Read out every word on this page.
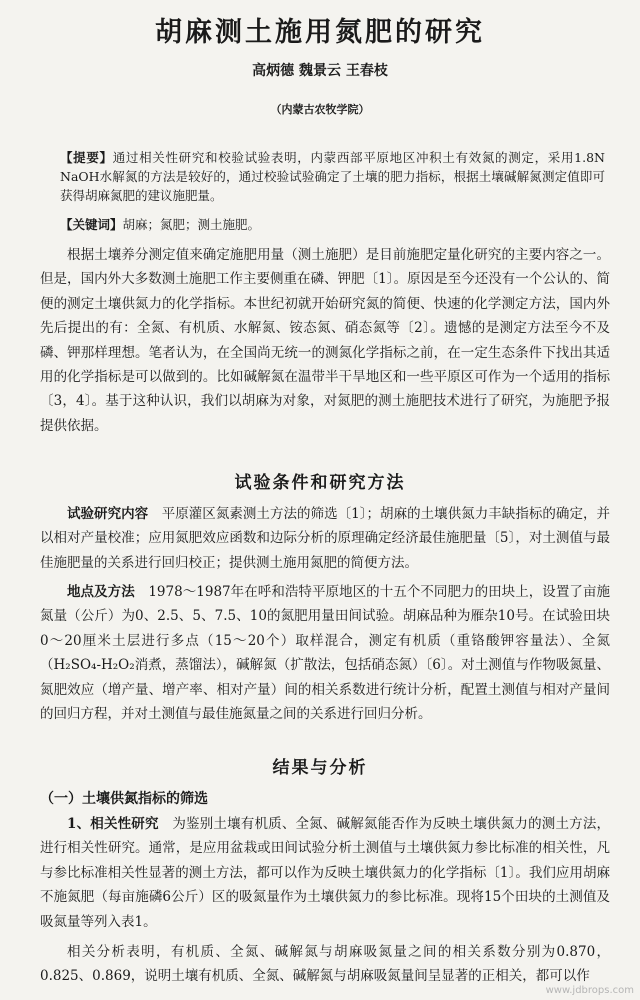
胡麻测土施用氮肥的研究
高炳德 魏景云 王春枝
（内蒙古农牧学院）
【提要】通过相关性研究和校验试验表明，内蒙西部平原地区冲积土有效氮的测定，采用1.8N NaOH水解氮的方法是较好的，通过校验试验确定了土壤的肥力指标，根据土壤碱解氮测定值即可获得胡麻氮肥的建议施肥量。
【关键词】胡麻；氮肥；测土施肥。
根据土壤养分测定值来确定施肥用量（测土施肥）是目前施肥定量化研究的主要内容之一。但是，国内外大多数测土施肥工作主要侧重在磷、钾肥〔1〕。原因是至今还没有一个公认的、简便的测定土壤供氮力的化学指标。本世纪初就开始研究氮的简便、快速的化学测定方法，国内外先后提出的有：全氮、有机质、水解氮、铵态氮、硝态氮等〔2〕。遗憾的是测定方法至今不及磷、钾那样理想。笔者认为，在全国尚无统一的测氮化学指标之前，在一定生态条件下找出其适用的化学指标是可以做到的。比如碱解氮在温带半干旱地区和一些平原区可作为一个适用的指标〔3，4〕。基于这种认识，我们以胡麻为对象，对氮肥的测土施肥技术进行了研究，为施肥予报提供依据。
试验条件和研究方法
试验研究内容　 平原灌区氮素测土方法的筛选〔1〕；胡麻的土壤供氮力丰缺指标的确定，并以相对产量校准；应用氮肥效应函数和边际分析的原理确定经济最佳施肥量〔5〕，对土测值与最佳施肥量的关系进行回归校正；提供测土施用氮肥的简便方法。
地点及方法　 1978～1987年在呼和浩特平原地区的十五个不同肥力的田块上，设置了亩施氮量（公斤）为0、2.5、5、7.5、10的氮肥用量田间试验。胡麻品种为雁杂10号。在试验田块0～20厘米土层进行多点（15～20个）取样混合，测定有机质（重铬酸钾容量法）、全氮（H₂SO₄-H₂O₂消煮，蒸馏法），碱解氮（扩散法，包括硝态氮）〔6〕。对土测值与作物吸氮量、氮肥效应（增产量、增产率、相对产量）间的相关系数进行统计分析，配置土测值与相对产量间的回归方程，并对土测值与最佳施氮量之间的关系进行回归分析。
结果与分析
（一）土壤供氮指标的筛选
1、相关性研究　 为鉴别土壤有机质、全氮、碱解氮能否作为反映土壤供氮力的测土方法，进行相关性研究。通常，是应用盆栽或田间试验分析土测值与土壤供氮力参比标准的相关性，凡与参比标准相关性显著的测土方法，都可以作为反映土壤供氮力的化学指标〔1〕。我们应用胡麻不施氮肥（每亩施磷6公斤）区的吸氮量作为土壤供氮力的参比标准。现将15个田块的土测值及吸氮量等列入表1。
相关分析表明，有机质、全氮、碱解氮与胡麻吸氮量之间的相关系数分别为0.870，0.825、0.869，说明土壤有机质、全氮、碱解氮与胡麻吸氮量间呈显著的正相关，都可以作
www.jdbrops.com
